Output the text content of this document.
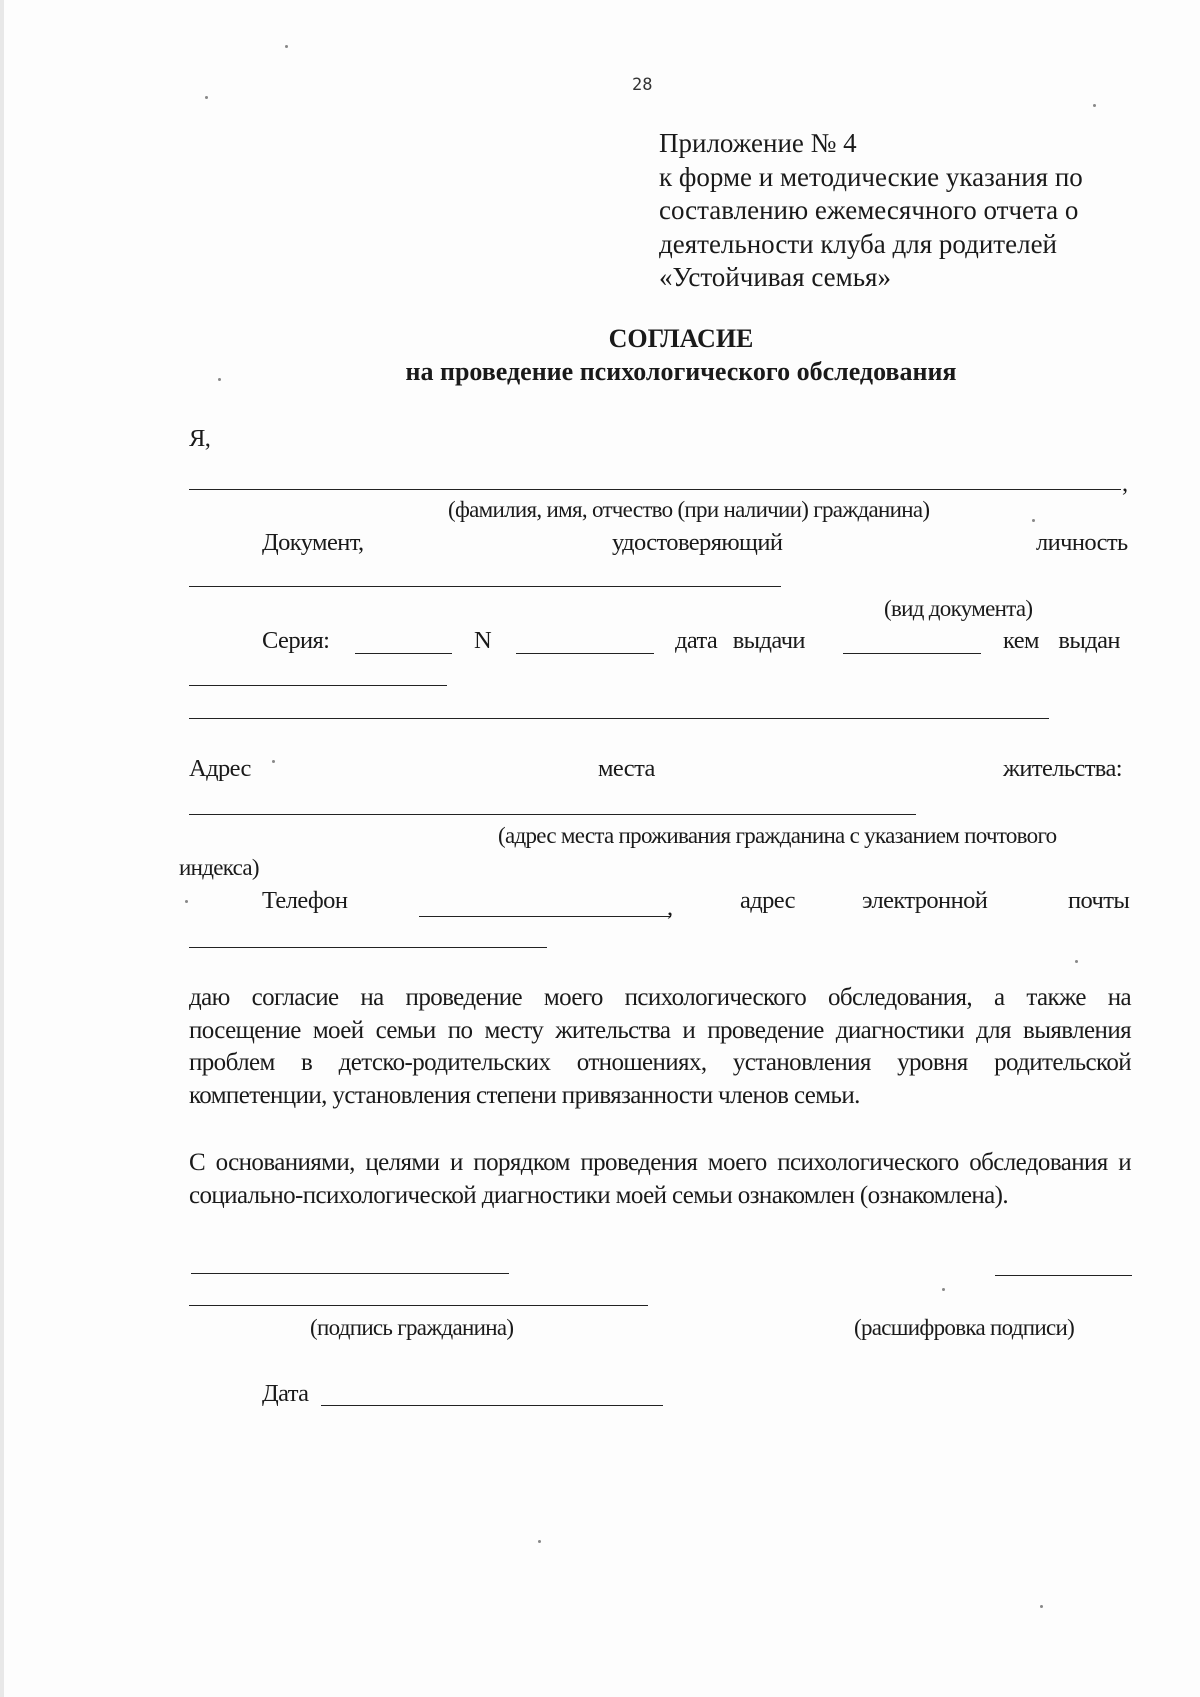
28
Приложение № 4
к форме и методические указания по
составлению ежемесячного отчета о
деятельности клуба для родителей
«Устойчивая семья»
СОГЛАСИЕ
на проведение психологического обследования
Я,
,
(фамилия, имя, отчество (при наличии) гражданина)
Документ,	удостоверяющий	личность
(вид документа)
Серия:	N	дата выдачи	кем выдан
Адрес	места	жительства:
(адрес места проживания гражданина с указанием почтового
индекса)
Телефон	,	адрес	электронной	почты
даю согласие на проведение моего психологического обследования, а также на
посещение моей семьи по месту жительства и проведение диагностики для выявления
проблем в детско-родительских отношениях, установления уровня родительской
компетенции, установления степени привязанности членов семьи.
С основаниями, целями и порядком проведения моего психологического обследования и
социально-психологической диагностики моей семьи ознакомлен (ознакомлена).
(подпись гражданина)	(расшифровка подписи)
Дата
